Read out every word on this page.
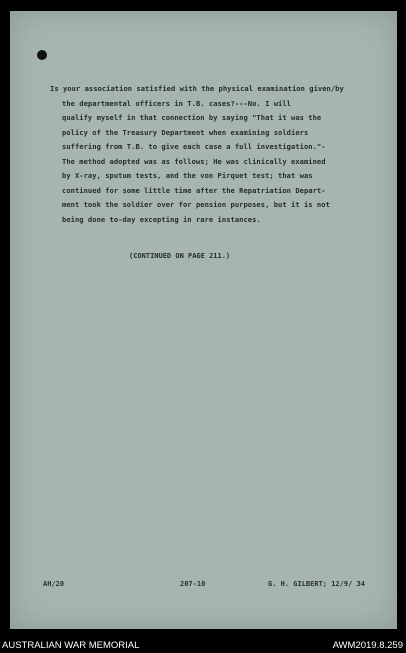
Is your association satisfied with the physical examination given/by
the departmental officers in T.B. cases?---No. I will
qualify myself in that connection by saying "That it was the
policy of the Treasury Department when examining soldiers
suffering from T.B. to give each case a full investigation."-
The method adopted was as follows; He was clinically examined
by X-ray, sputum tests, and the von Pirquet test; that was
continued for some little time after the Repatriation Depart-
ment took the soldier over for pension purposes, but it is not
being done to-day excepting in rare instances.
(CONTINUED ON PAGE 211.)
AH/20	207-10	G. H. GILBERT; 12/9/ 34
AUSTRALIAN WAR MEMORIAL	AWM2019.8.259
